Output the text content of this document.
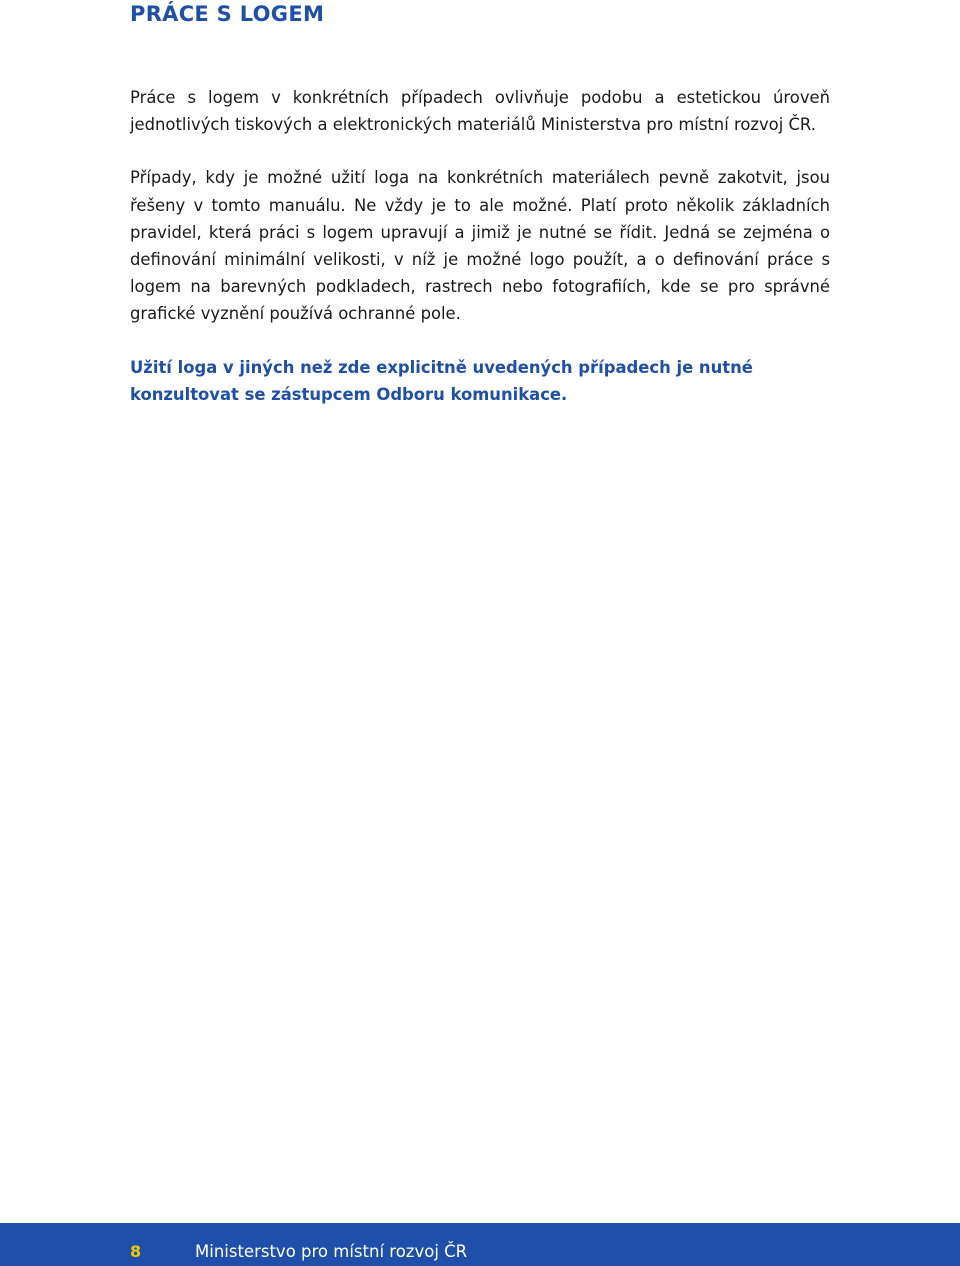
PRÁCE S LOGEM

Práce s logem v konkrétních případech ovlivňuje podobu a estetickou úroveň jednotlivých tiskových a elektronických materiálů Ministerstva pro místní rozvoj ČR.

Případy, kdy je možné užití loga na konkrétních materiálech pevně zakotvit, jsou řešeny v tomto manuálu. Ne vždy je to ale možné. Platí proto několik základních pravidel, která práci s logem upravují a jimiž je nutné se řídit. Jedná se zejména o definování minimální velikosti, v níž je možné logo použít, a o definování práce s logem na barevných podkladech, rastrech nebo fotografiích, kde se pro správné grafické vyznění používá ochranné pole.

Užití loga v jiných než zde explicitně uvedených případech je nutné konzultovat se zástupcem Odboru komunikace.

8	Ministerstvo pro místní rozvoj ČR
